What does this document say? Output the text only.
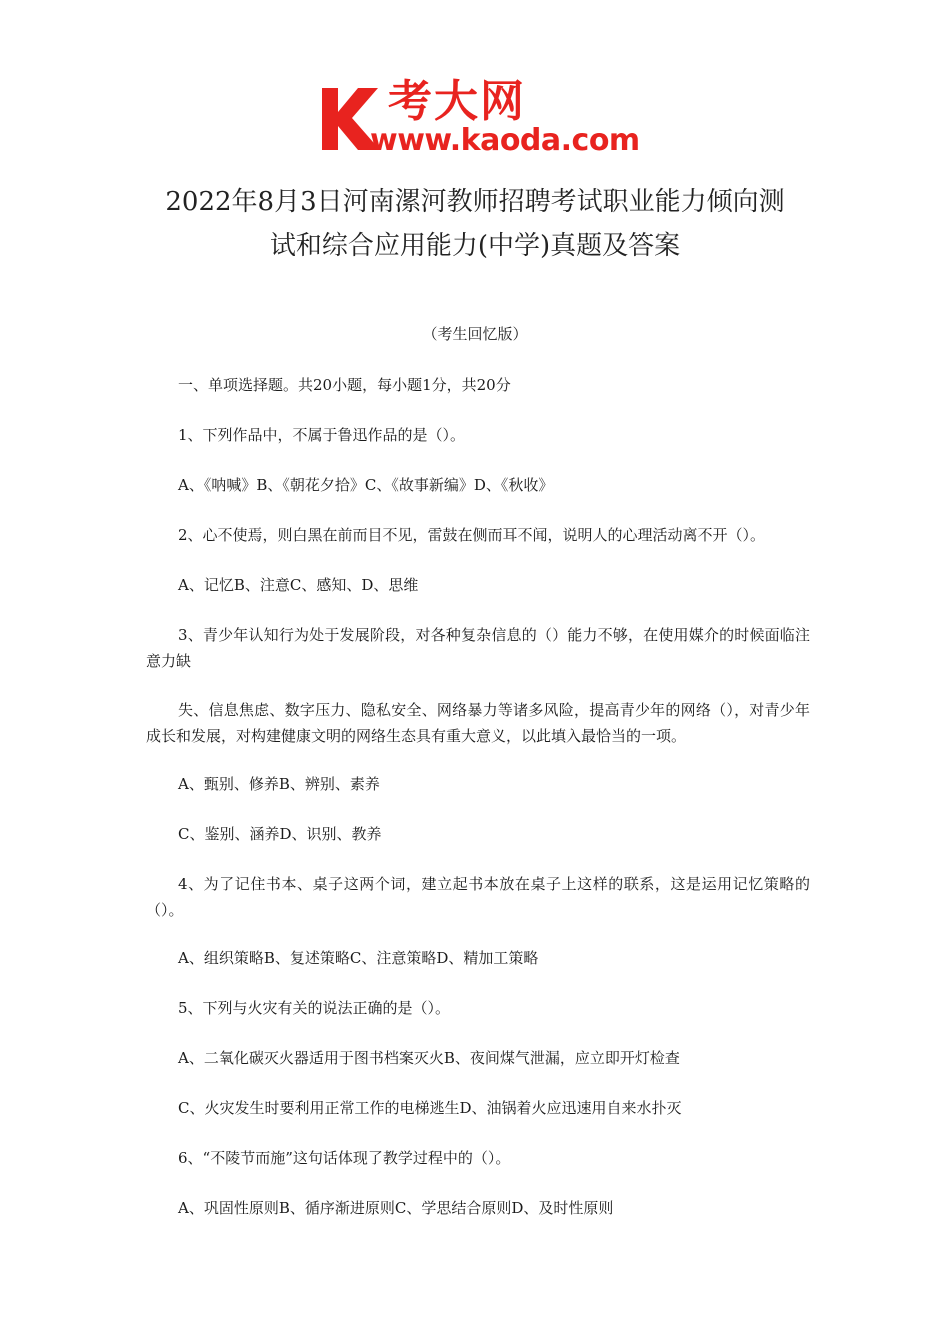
考大网
www.kaoda.com
2022年8月3日河南漯河教师招聘考试职业能力倾向测
试和综合应用能力(中学)真题及答案
（考生回忆版）
一、单项选择题。共20小题，每小题1分，共20分
1、下列作品中，不属于鲁迅作品的是（）。
A、《呐喊》B、《朝花夕拾》C、《故事新编》D、《秋收》
2、心不使焉，则白黑在前而目不见，雷鼓在侧而耳不闻，说明人的心理活动离不开（）。
A、记忆B、注意C、感知、D、思维
3、青少年认知行为处于发展阶段，对各种复杂信息的（）能力不够，在使用媒介的时候面临注意力缺
失、信息焦虑、数字压力、隐私安全、网络暴力等诸多风险，提高青少年的网络（），对青少年成长和发展，对构建健康文明的网络生态具有重大意义，以此填入最恰当的一项。
A、甄别、修养B、辨别、素养
C、鉴别、涵养D、识别、教养
4、为了记住书本、桌子这两个词，建立起书本放在桌子上这样的联系，这是运用记忆策略的（）。
A、组织策略B、复述策略C、注意策略D、精加工策略
5、下列与火灾有关的说法正确的是（）。
A、二氧化碳灭火器适用于图书档案灭火B、夜间煤气泄漏，应立即开灯检查
C、火灾发生时要利用正常工作的电梯逃生D、油锅着火应迅速用自来水扑灭
6、“不陵节而施”这句话体现了教学过程中的（）。
A、巩固性原则B、循序渐进原则C、学思结合原则D、及时性原则
